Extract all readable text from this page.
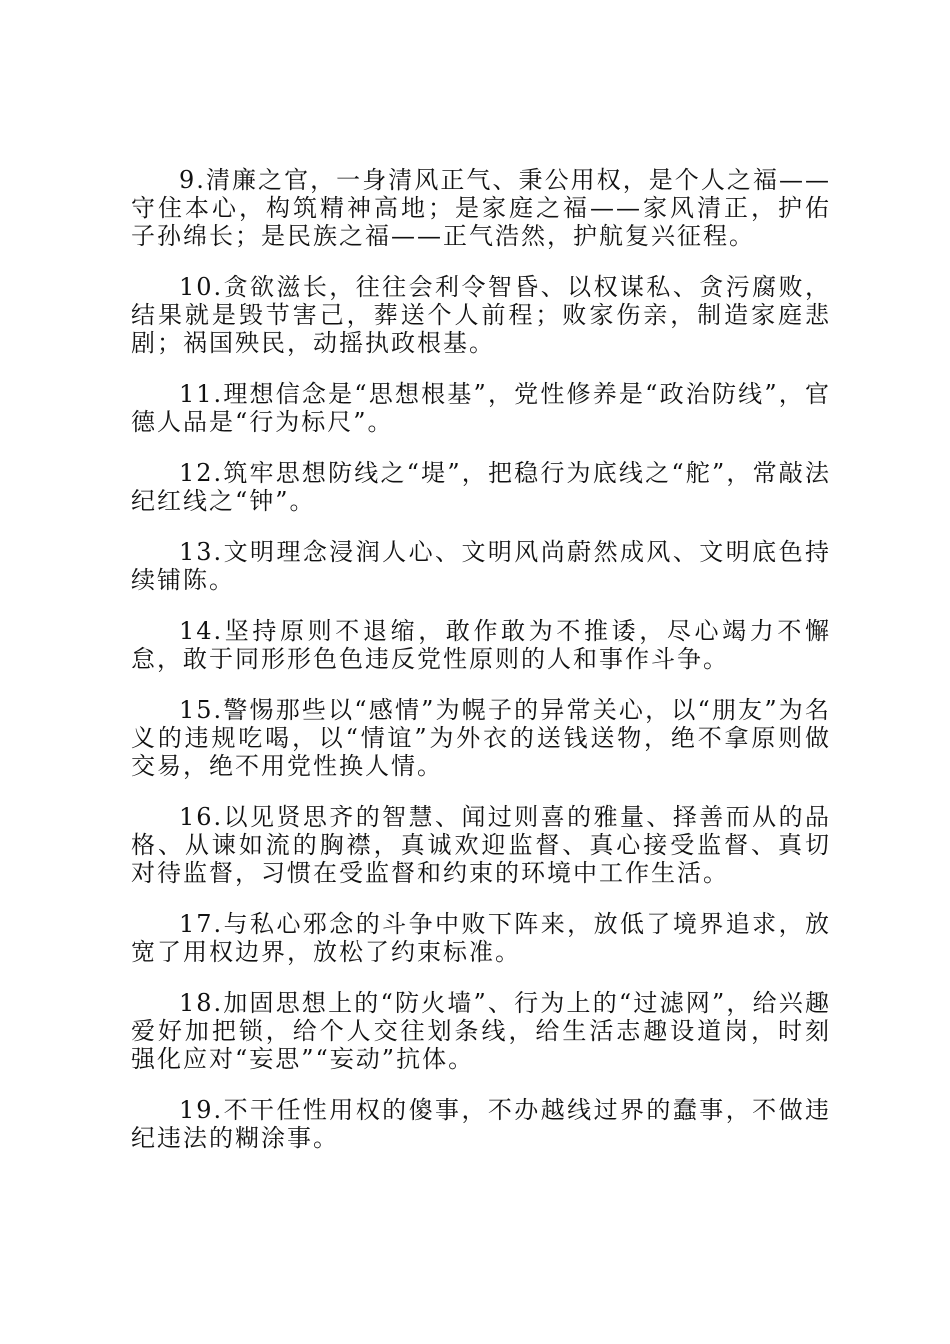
9.清廉之官，一身清风正气、秉公用权，是个人之福——守住本心，构筑精神高地；是家庭之福——家风清正，护佑子孙绵长；是民族之福——正气浩然，护航复兴征程。

10.贪欲滋长，往往会利令智昏、以权谋私、贪污腐败，结果就是毁节害己，葬送个人前程；败家伤亲，制造家庭悲剧；祸国殃民，动摇执政根基。

11.理想信念是“思想根基”，党性修养是“政治防线”，官德人品是“行为标尺”。

12.筑牢思想防线之“堤”，把稳行为底线之“舵”，常敲法纪红线之“钟”。

13.文明理念浸润人心、文明风尚蔚然成风、文明底色持续铺陈。

14.坚持原则不退缩，敢作敢为不推诿，尽心竭力不懈怠，敢于同形形色色违反党性原则的人和事作斗争。

15.警惕那些以“感情”为幌子的异常关心，以“朋友”为名义的违规吃喝，以“情谊”为外衣的送钱送物，绝不拿原则做交易，绝不用党性换人情。

16.以见贤思齐的智慧、闻过则喜的雅量、择善而从的品格、从谏如流的胸襟，真诚欢迎监督、真心接受监督、真切对待监督，习惯在受监督和约束的环境中工作生活。

17.与私心邪念的斗争中败下阵来，放低了境界追求，放宽了用权边界，放松了约束标准。

18.加固思想上的“防火墙”、行为上的“过滤网”，给兴趣爱好加把锁，给个人交往划条线，给生活志趣设道岗，时刻强化应对“妄思”“妄动”抗体。

19.不干任性用权的傻事，不办越线过界的蠢事，不做违纪违法的糊涂事。
